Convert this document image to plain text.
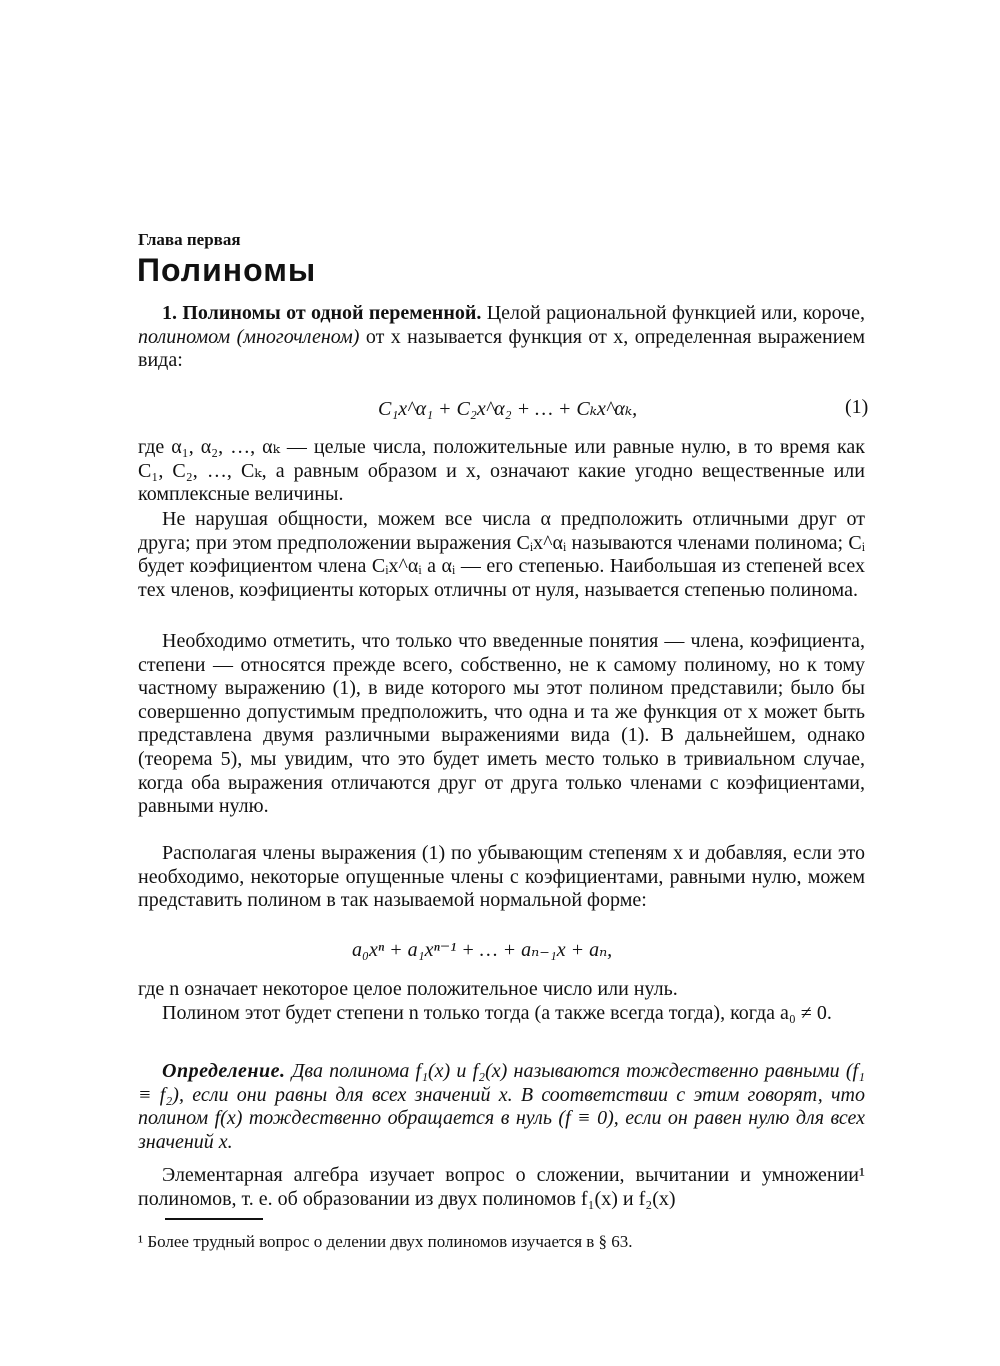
Глава первая
Полиномы
1. Полиномы от одной переменной. Целой рациональной функцией или, короче, полиномом (многочленом) от x называется функция от x, определенная выражением вида:
C₁x^α₁ + C₂x^α₂ + … + Cₖx^αₖ,	(1)
где α₁, α₂, …, αₖ — целые числа, положительные или равные нулю, в то время как C₁, C₂, …, Cₖ, а равным образом и x, означают какие угодно вещественные или комплексные величины.
Не нарушая общности, можем все числа α предположить отличными друг от друга; при этом предположении выражения Cᵢx^αᵢ называются членами полинома; Cᵢ будет коэфициентом члена Cᵢx^αᵢ а αᵢ — его степенью. Наибольшая из степеней всех тех членов, коэфициенты которых отличны от нуля, называется степенью полинома.
Необходимо отметить, что только что введенные понятия — члена, коэфициента, степени — относятся прежде всего, собственно, не к самому полиному, но к тому частному выражению (1), в виде которого мы этот полином представили; было бы совершенно допустимым предположить, что одна и та же функция от x может быть представлена двумя различными выражениями вида (1). В дальнейшем, однако (теорема 5), мы увидим, что это будет иметь место только в тривиальном случае, когда оба выражения отличаются друг от друга только членами с коэфициентами, равными нулю.
Располагая члены выражения (1) по убывающим степеням x и добавляя, если это необходимо, некоторые опущенные члены с коэфициентами, равными нулю, можем представить полином в так называемой нормальной форме:
a₀xⁿ + a₁xⁿ⁻¹ + … + aₙ₋₁x + aₙ,
где n означает некоторое целое положительное число или нуль.
Полином этот будет степени n только тогда (а также всегда тогда), когда a₀ ≠ 0.
Определение. Два полинома f₁(x) и f₂(x) называются тождественно равными (f₁ ≡ f₂), если они равны для всех значений x. В соответствии с этим говорят, что полином f(x) тождественно обращается в нуль (f ≡ 0), если он равен нулю для всех значений x.
Элементарная алгебра изучает вопрос о сложении, вычитании и умножении¹ полиномов, т. е. об образовании из двух полиномов f₁(x) и f₂(x)
¹ Более трудный вопрос о делении двух полиномов изучается в § 63.
